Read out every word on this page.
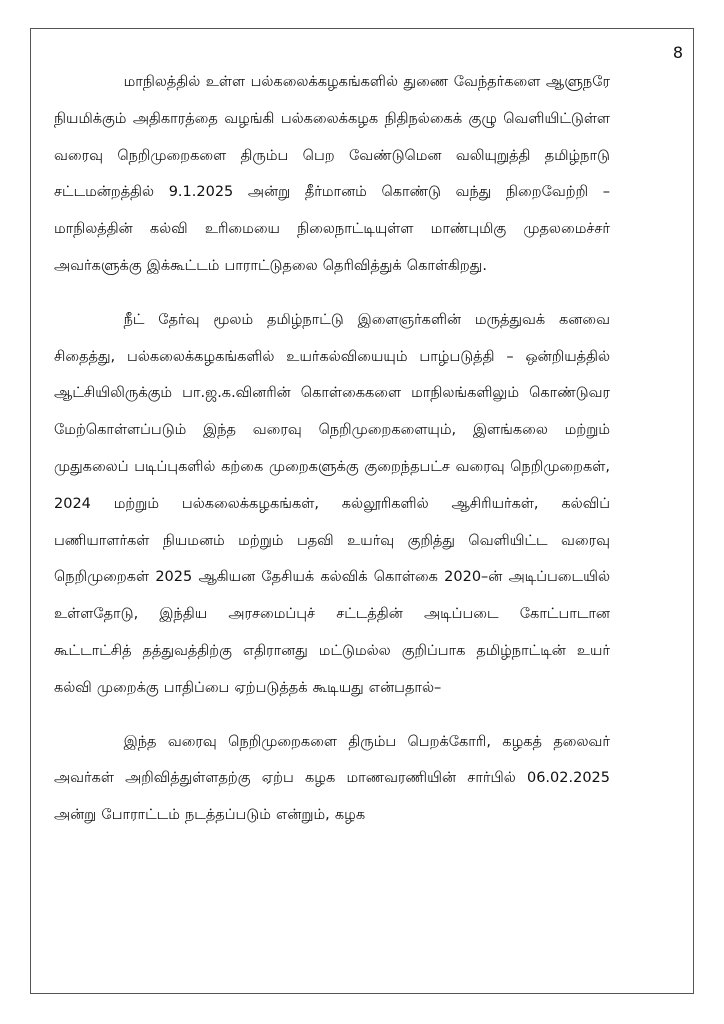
8

மாநிலத்தில் உள்ள பல்கலைக்கழகங்களில் துணை வேந்தர்களை ஆளுநரே நியமிக்கும் அதிகாரத்தை வழங்கி பல்கலைக்கழக நிதிநல்கைக் குழு வெளியிட்டுள்ள வரைவு நெறிமுறைகளை திரும்ப பெற வேண்டுமென வலியுறுத்தி தமிழ்நாடு சட்டமன்றத்தில் 9.1.2025 அன்று தீர்மானம் கொண்டு வந்து நிறைவேற்றி – மாநிலத்தின் கல்வி உரிமையை நிலைநாட்டியுள்ள மாண்புமிகு முதலமைச்சர் அவர்களுக்கு இக்கூட்டம் பாராட்டுதலை தெரிவித்துக் கொள்கிறது.

நீட் தேர்வு மூலம் தமிழ்நாட்டு இளைஞர்களின் மருத்துவக் கனவை சிதைத்து, பல்கலைக்கழகங்களில் உயர்கல்வியையும் பாழ்படுத்தி – ஒன்றியத்தில் ஆட்சியிலிருக்கும் பா.ஜ.க.வினரின் கொள்கைகளை மாநிலங்களிலும் கொண்டுவர மேற்கொள்ளப்படும் இந்த வரைவு நெறிமுறைகளையும், இளங்கலை மற்றும் முதுகலைப் படிப்புகளில் கற்கை முறைகளுக்கு குறைந்தபட்ச வரைவு நெறிமுறைகள், 2024 மற்றும் பல்கலைக்கழகங்கள், கல்லூரிகளில் ஆசிரியர்கள், கல்விப் பணியாளர்கள் நியமனம் மற்றும் பதவி உயர்வு குறித்து வெளியிட்ட வரைவு நெறிமுறைகள் 2025 ஆகியன தேசியக் கல்விக் கொள்கை 2020–ன் அடிப்படையில் உள்ளதோடு, இந்திய அரசமைப்புச் சட்டத்தின் அடிப்படை கோட்பாடான கூட்டாட்சித் தத்துவத்திற்கு எதிரானது மட்டுமல்ல குறிப்பாக தமிழ்நாட்டின் உயர் கல்வி முறைக்கு பாதிப்பை ஏற்படுத்தக் கூடியது என்பதால்–

இந்த வரைவு நெறிமுறைகளை திரும்ப பெறக்கோரி, கழகத் தலைவர் அவர்கள் அறிவித்துள்ளதற்கு ஏற்ப கழக மாணவரணியின் சார்பில் 06.02.2025 அன்று போராட்டம் நடத்தப்படும் என்றும், கழக
